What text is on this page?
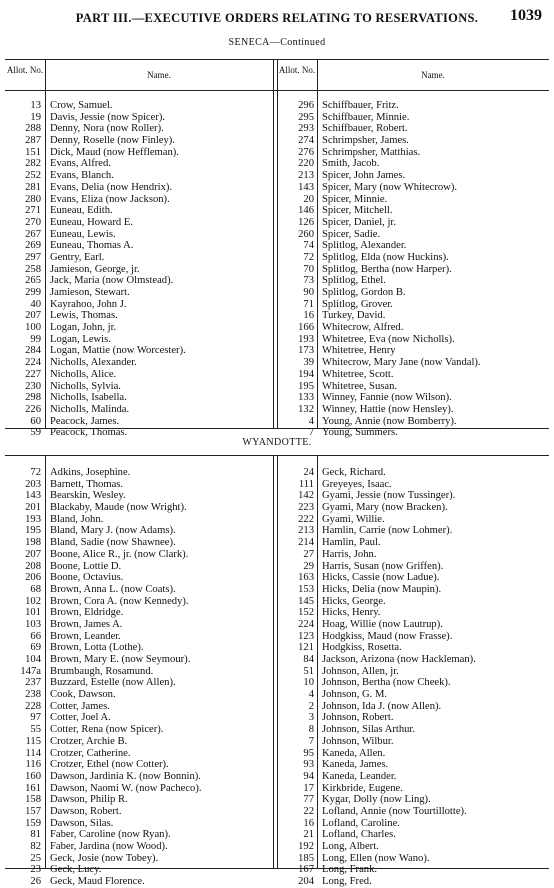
PART III.—EXECUTIVE ORDERS RELATING TO RESERVATIONS.	1039
SENECA—Continued
Allot. No.	Name.	Allot. No.	Name.
13 Crow, Samuel.	296 Schiffbauer, Fritz.
19 Davis, Jessie (now Spicer).	295 Schiffbauer, Minnie.
288 Denny, Nora (now Roller).	293 Schiffbauer, Robert.
287 Denny, Roselle (now Finley).	274 Schrimpsher, James.
151 Dick, Maud (now Heffleman).	276 Schrimpsher, Matthias.
282 Evans, Alfred.	220 Smith, Jacob.
252 Evans, Blanch.	213 Spicer, John James.
281 Evans, Delia (now Hendrix).	143 Spicer, Mary (now Whitecrow).
280 Evans, Eliza (now Jackson).	20 Spicer, Minnie.
271 Euneau, Edith.	146 Spicer, Mitchell.
270 Euneau, Howard E.	126 Spicer, Daniel, jr.
267 Euneau, Lewis.	260 Spicer, Sadie.
269 Euneau, Thomas A.	74 Splitlog, Alexander.
297 Gentry, Earl.	72 Splitlog, Elda (now Huckins).
258 Jamieson, George, jr.	70 Splitlog, Bertha (now Harper).
265 Jack, Maria (now Olmstead).	73 Splitlog, Ethel.
299 Jamieson, Stewart.	90 Splitlog, Gordon B.
40 Kayrahoo, John J.	71 Splitlog, Grover.
207 Lewis, Thomas.	16 Turkey, David.
100 Logan, John, jr.	166 Whitecrow, Alfred.
99 Logan, Lewis.	193 Whitetree, Eva (now Nicholls).
284 Logan, Mattie (now Worcester).	173 Whitetree, Henry
224 Nicholls, Alexander.	39 Whitecrow, Mary Jane (now Vandal).
227 Nicholls, Alice.	194 Whitetree, Scott.
230 Nicholls, Sylvia.	195 Whitetree, Susan.
298 Nicholls, Isabella.	133 Winney, Fannie (now Wilson).
226 Nicholls, Malinda.	132 Winney, Hattie (now Hensley).
60 Peacock, James.	4 Young, Annie (now Bomberry).
59 Peacock, Thomas.	7 Young, Summers.
WYANDOTTE.
72 Adkins, Josephine.	24 Geck, Richard.
203 Barnett, Thomas.	111 Greyeyes, Isaac.
143 Bearskin, Wesley.	142 Gyami, Jessie (now Tussinger).
201 Blackaby, Maude (now Wright).	223 Gyami, Mary (now Bracken).
193 Bland, John.	222 Gyami, Willie.
195 Bland, Mary J. (now Adams).	213 Hamlin, Carrie (now Lohmer).
198 Bland, Sadie (now Shawnee).	214 Hamlin, Paul.
207 Boone, Alice R., jr. (now Clark).	27 Harris, John.
208 Boone, Lottie D.	29 Harris, Susan (now Griffen).
206 Boone, Octavius.	163 Hicks, Cassie (now Ladue).
68 Brown, Anna L. (now Coats).	153 Hicks, Delia (now Maupin).
102 Brown, Cora A. (now Kennedy).	145 Hicks, George.
101 Brown, Eldridge.	152 Hicks, Henry.
103 Brown, James A.	224 Hoag, Willie (now Lautrup).
66 Brown, Leander.	123 Hodgkiss, Maud (now Frasse).
69 Brown, Lotta (Lothe).	121 Hodgkiss, Rosetta.
104 Brown, Mary E. (now Seymour).	84 Jackson, Arizona (now Hackleman).
147a Brumbaugh, Rosamund.	51 Johnson, Allen, jr.
237 Buzzard, Estelle (now Allen).	10 Johnson, Bertha (now Cheek).
238 Cook, Dawson.	4 Johnson, G. M.
228 Cotter, James.	2 Johnson, Ida J. (now Allen).
97 Cotter, Joel A.	3 Johnson, Robert.
55 Cotter, Rena (now Spicer).	8 Johnson, Silas Arthur.
115 Crotzer, Archie B.	7 Johnson, Wilbur.
114 Crotzer, Catherine.	95 Kaneda, Allen.
116 Crotzer, Ethel (now Cotter).	93 Kaneda, James.
160 Dawson, Jardinia K. (now Bonnin).	94 Kaneda, Leander.
161 Dawson, Naomi W. (now Pacheco).	17 Kirkbride, Eugene.
158 Dawson, Philip R.	77 Kygar, Dolly (now Ling).
157 Dawson, Robert.	22 Lofland, Annie (now Tourtillotte).
159 Dawson, Silas.	16 Lofland, Caroline.
81 Faber, Caroline (now Ryan).	21 Lofland, Charles.
82 Faber, Jardina (now Wood).	192 Long, Albert.
25 Geck, Josie (now Tobey).	185 Long, Ellen (now Wano).
23 Geck, Lucy.	167 Long, Frank.
26 Geck, Maud Florence.	204 Long, Fred.
